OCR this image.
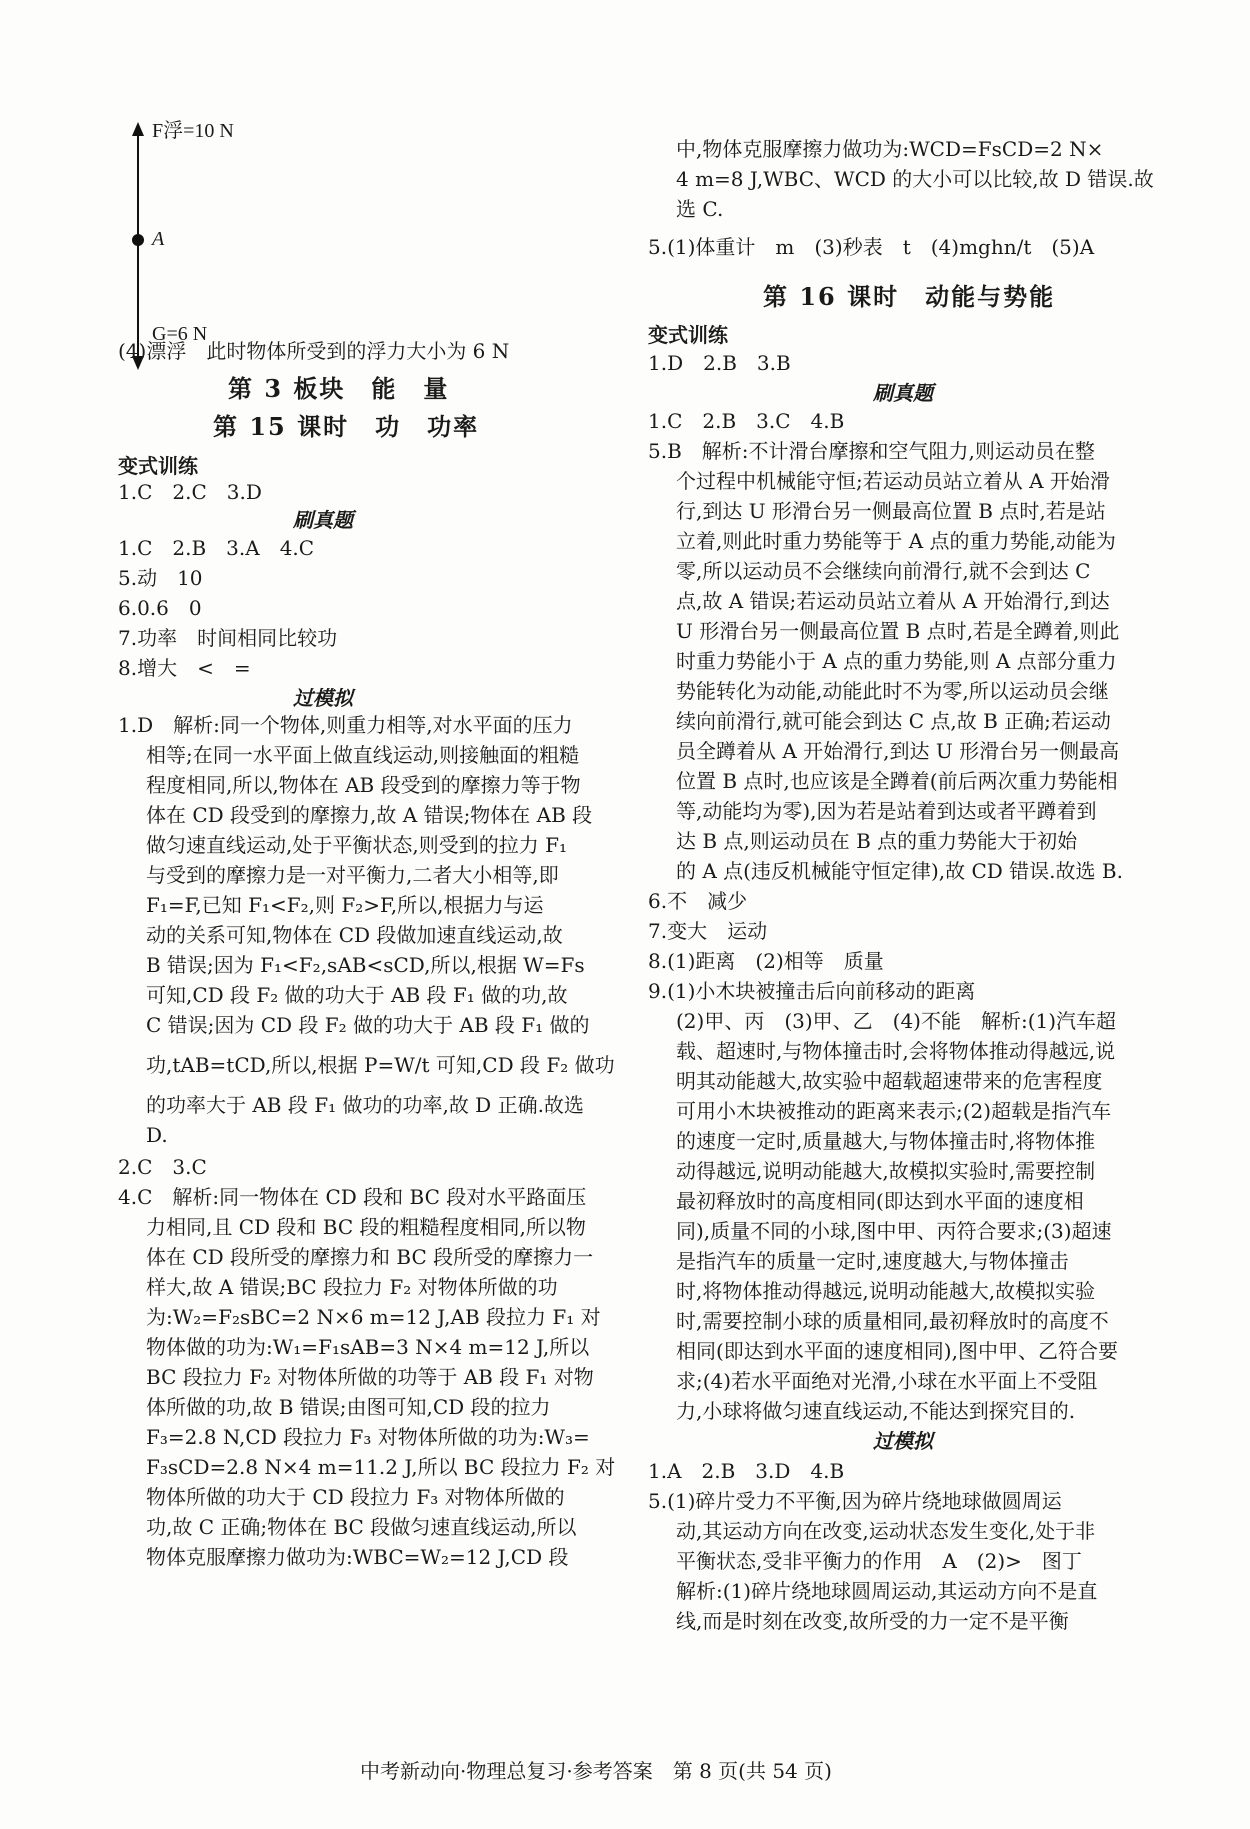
F浮=10 N
A
G=6 N
(4)漂浮　此时物体所受到的浮力大小为 6 N
第 3 板块　能　量
第 15 课时　功　功率
变式训练
1.C　2.C　3.D
刷真题
1.C　2.B　3.A　4.C
5.动　10
6.0.6　0
7.功率　时间相同比较功
8.增大　<　=
过模拟
1.D　解析:同一个物体,则重力相等,对水平面的压力
相等;在同一水平面上做直线运动,则接触面的粗糙
程度相同,所以,物体在 AB 段受到的摩擦力等于物
体在 CD 段受到的摩擦力,故 A 错误;物体在 AB 段
做匀速直线运动,处于平衡状态,则受到的拉力 F₁
与受到的摩擦力是一对平衡力,二者大小相等,即
F₁=F,已知 F₁<F₂,则 F₂>F,所以,根据力与运
动的关系可知,物体在 CD 段做加速直线运动,故
B 错误;因为 F₁<F₂,sAB<sCD,所以,根据 W=Fs
可知,CD 段 F₂ 做的功大于 AB 段 F₁ 做的功,故
C 错误;因为 CD 段 F₂ 做的功大于 AB 段 F₁ 做的
功,tAB=tCD,所以,根据 P=W/t 可知,CD 段 F₂ 做功
的功率大于 AB 段 F₁ 做功的功率,故 D 正确.故选
D.
2.C　3.C
4.C　解析:同一物体在 CD 段和 BC 段对水平路面压
力相同,且 CD 段和 BC 段的粗糙程度相同,所以物
体在 CD 段所受的摩擦力和 BC 段所受的摩擦力一
样大,故 A 错误;BC 段拉力 F₂ 对物体所做的功
为:W₂=F₂sBC=2 N×6 m=12 J,AB 段拉力 F₁ 对
物体做的功为:W₁=F₁sAB=3 N×4 m=12 J,所以
BC 段拉力 F₂ 对物体所做的功等于 AB 段 F₁ 对物
体所做的功,故 B 错误;由图可知,CD 段的拉力
F₃=2.8 N,CD 段拉力 F₃ 对物体所做的功为:W₃=
F₃sCD=2.8 N×4 m=11.2 J,所以 BC 段拉力 F₂ 对
物体所做的功大于 CD 段拉力 F₃ 对物体所做的
功,故 C 正确;物体在 BC 段做匀速直线运动,所以
物体克服摩擦力做功为:WBC=W₂=12 J,CD 段
中,物体克服摩擦力做功为:WCD=FsCD=2 N×
4 m=8 J,WBC、WCD 的大小可以比较,故 D 错误.故
选 C.
5.(1)体重计　m　(3)秒表　t　(4)mghn/t　(5)A
第 16 课时　动能与势能
变式训练
1.D　2.B　3.B
刷真题
1.C　2.B　3.C　4.B
5.B　解析:不计滑台摩擦和空气阻力,则运动员在整
个过程中机械能守恒;若运动员站立着从 A 开始滑
行,到达 U 形滑台另一侧最高位置 B 点时,若是站
立着,则此时重力势能等于 A 点的重力势能,动能为
零,所以运动员不会继续向前滑行,就不会到达 C
点,故 A 错误;若运动员站立着从 A 开始滑行,到达
U 形滑台另一侧最高位置 B 点时,若是全蹲着,则此
时重力势能小于 A 点的重力势能,则 A 点部分重力
势能转化为动能,动能此时不为零,所以运动员会继
续向前滑行,就可能会到达 C 点,故 B 正确;若运动
员全蹲着从 A 开始滑行,到达 U 形滑台另一侧最高
位置 B 点时,也应该是全蹲着(前后两次重力势能相
等,动能均为零),因为若是站着到达或者平蹲着到
达 B 点,则运动员在 B 点的重力势能大于初始
的 A 点(违反机械能守恒定律),故 CD 错误.故选 B.
6.不　减少
7.变大　运动
8.(1)距离　(2)相等　质量
9.(1)小木块被撞击后向前移动的距离
(2)甲、丙　(3)甲、乙　(4)不能　解析:(1)汽车超
载、超速时,与物体撞击时,会将物体推动得越远,说
明其动能越大,故实验中超载超速带来的危害程度
可用小木块被推动的距离来表示;(2)超载是指汽车
的速度一定时,质量越大,与物体撞击时,将物体推
动得越远,说明动能越大,故模拟实验时,需要控制
最初释放时的高度相同(即达到水平面的速度相
同),质量不同的小球,图中甲、丙符合要求;(3)超速
是指汽车的质量一定时,速度越大,与物体撞击
时,将物体推动得越远,说明动能越大,故模拟实验
时,需要控制小球的质量相同,最初释放时的高度不
相同(即达到水平面的速度相同),图中甲、乙符合要
求;(4)若水平面绝对光滑,小球在水平面上不受阻
力,小球将做匀速直线运动,不能达到探究目的.
过模拟
1.A　2.B　3.D　4.B
5.(1)碎片受力不平衡,因为碎片绕地球做圆周运
动,其运动方向在改变,运动状态发生变化,处于非
平衡状态,受非平衡力的作用　A　(2)>　图丁
解析:(1)碎片绕地球圆周运动,其运动方向不是直
线,而是时刻在改变,故所受的力一定不是平衡
中考新动向·物理总复习·参考答案　第 8 页(共 54 页)
